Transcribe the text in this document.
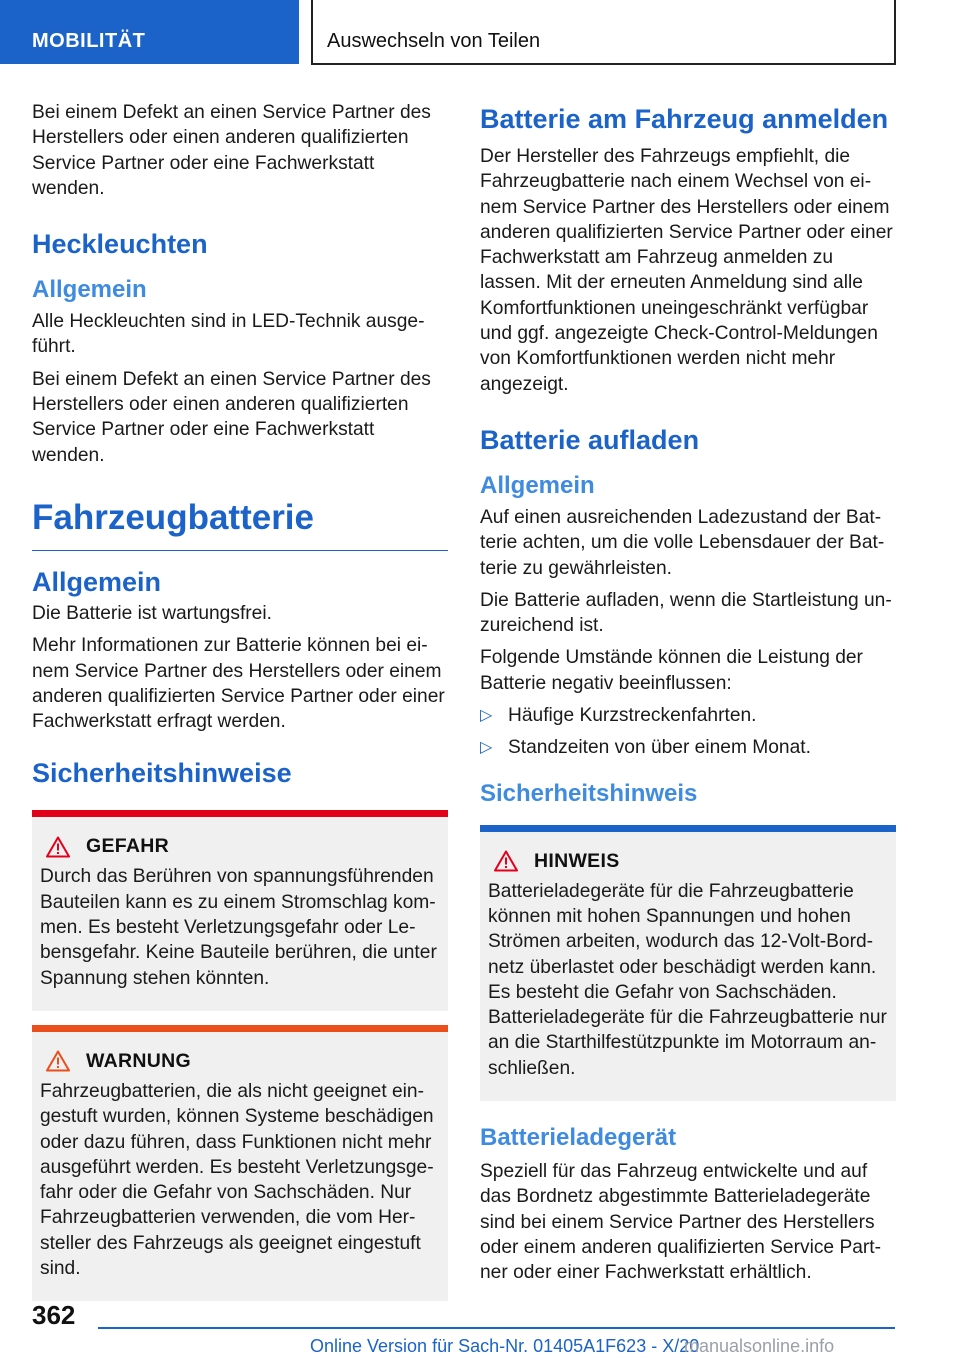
MOBILITÄT	Auswechseln von Teilen

Bei einem Defekt an einen Service Partner des Herstellers oder einen anderen qualifizierten Service Partner oder eine Fachwerkstatt wenden.

Heckleuchten
Allgemein

Alle Heckleuchten sind in LED-Technik ausgeführt.

Bei einem Defekt an einen Service Partner des Herstellers oder einen anderen qualifizierten Service Partner oder eine Fachwerkstatt wenden.

Fahrzeugbatterie
Allgemein

Die Batterie ist wartungsfrei.

Mehr Informationen zur Batterie können bei einem Service Partner des Herstellers oder einem anderen qualifizierten Service Partner oder einer Fachwerkstatt erfragt werden.

Sicherheitshinweise
GEFAHR

Durch das Berühren von spannungsführenden Bauteilen kann es zu einem Stromschlag kommen. Es besteht Verletzungsgefahr oder Lebensgefahr. Keine Bauteile berühren, die unter Spannung stehen könnten.

WARNUNG

Fahrzeugbatterien, die als nicht geeignet eingestuft wurden, können Systeme beschädigen oder dazu führen, dass Funktionen nicht mehr ausgeführt werden. Es besteht Verletzungsgefahr oder die Gefahr von Sachschäden. Nur Fahrzeugbatterien verwenden, die vom Hersteller des Fahrzeugs als geeignet eingestuft sind.

Batterie am Fahrzeug anmelden

Der Hersteller des Fahrzeugs empfiehlt, die Fahrzeugbatterie nach einem Wechsel von einem Service Partner des Herstellers oder einem anderen qualifizierten Service Partner oder einer Fachwerkstatt am Fahrzeug anmelden zu lassen. Mit der erneuten Anmeldung sind alle Komfortfunktionen uneingeschränkt verfügbar und ggf. angezeigte Check-Control-Meldungen von Komfortfunktionen werden nicht mehr angezeigt.

Batterie aufladen
Allgemein

Auf einen ausreichenden Ladezustand der Batterie achten, um die volle Lebensdauer der Batterie zu gewährleisten.

Die Batterie aufladen, wenn die Startleistung unzureichend ist.

Folgende Umstände können die Leistung der Batterie negativ beeinflussen:

▷ Häufige Kurzstreckenfahrten.
▷ Standzeiten von über einem Monat.
Sicherheitshinweis
HINWEIS

Batterieladegeräte für die Fahrzeugbatterie können mit hohen Spannungen und hohen Strömen arbeiten, wodurch das 12-Volt-Bordnetz überlastet oder beschädigt werden kann. Es besteht die Gefahr von Sachschäden. Batterieladegeräte für die Fahrzeugbatterie nur an die Starthilfestützpunkte im Motorraum anschließen.

Batterieladegerät

Speziell für das Fahrzeug entwickelte und auf das Bordnetz abgestimmte Batterieladegeräte sind bei einem Service Partner des Herstellers oder einem anderen qualifizierten Service Partner oder einer Fachwerkstatt erhältlich.

362
Online Version für Sach-Nr. 01405A1F623 - X/20
manualsonline.info
